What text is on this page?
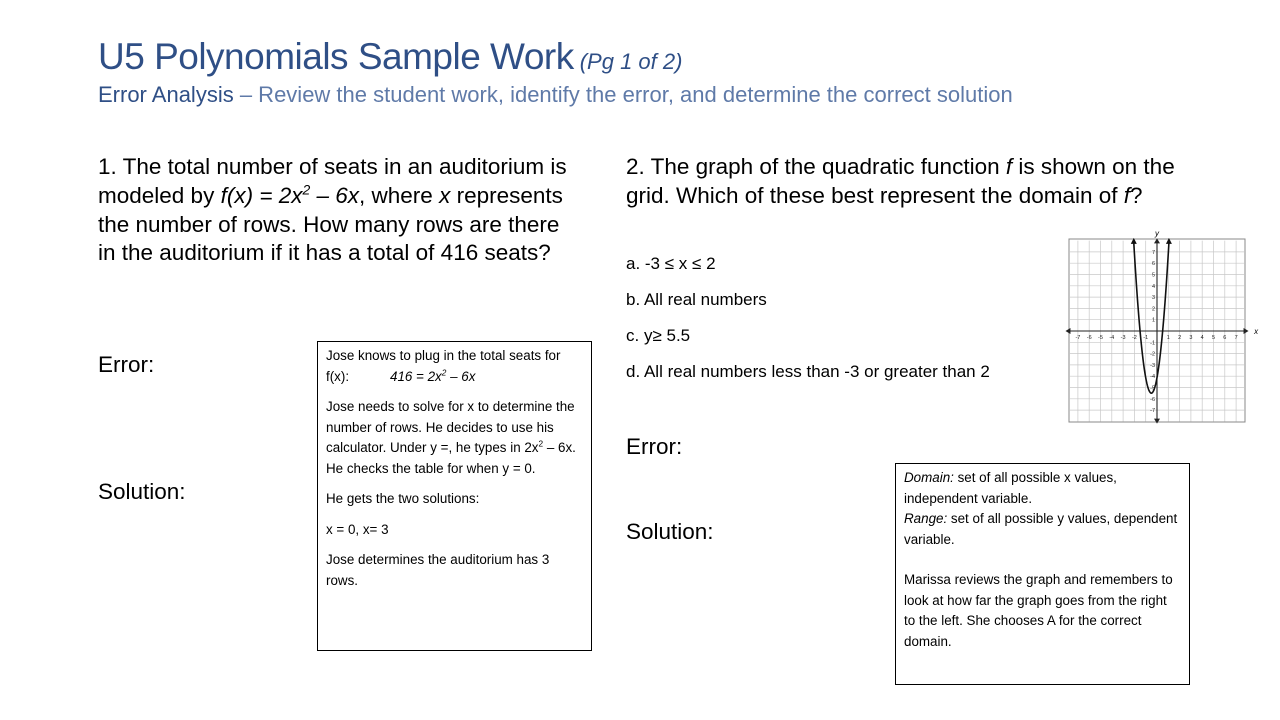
U5 Polynomials Sample Work (Pg 1 of 2)
Error Analysis – Review the student work, identify the error, and determine the correct solution
1. The total number of seats in an auditorium is modeled by $f(x) = 2x^2 - 6x$, where x represents the number of rows. How many rows are there in the auditorium if it has a total of 416 seats?
Error:
Solution:

Jose knows to plug in the total seats for f(x):	$416 = 2x^2 - 6x$

Jose needs to solve for x to determine the number of rows. He decides to use his calculator. Under y =, he types in $2x^2 - 6x$. He checks the table for when y = 0.

He gets the two solutions:

x = 0, x= 3

Jose determines the auditorium has 3 rows.

2. The graph of the quadratic function f is shown on the grid. Which of these best represent the domain of f?
a. -3 ≤ x ≤ 2
b. All real numbers
c. y≥ 5.5
d. All real numbers less than -3 or greater than 2
Error:
Solution:

Domain: set of all possible x values, independent variable.

Range: set of all possible y values, dependent variable.

Marissa reviews the graph and remembers to look at how far the graph goes from the right to the left. She chooses A for the correct domain.

x
y
-7 -6 -5 -4 -3 -2 -1	1 2 3 4 5 6 7
7
6
5
4
3
2
1
-1
-2
-3
-4
-5
-6
-7
